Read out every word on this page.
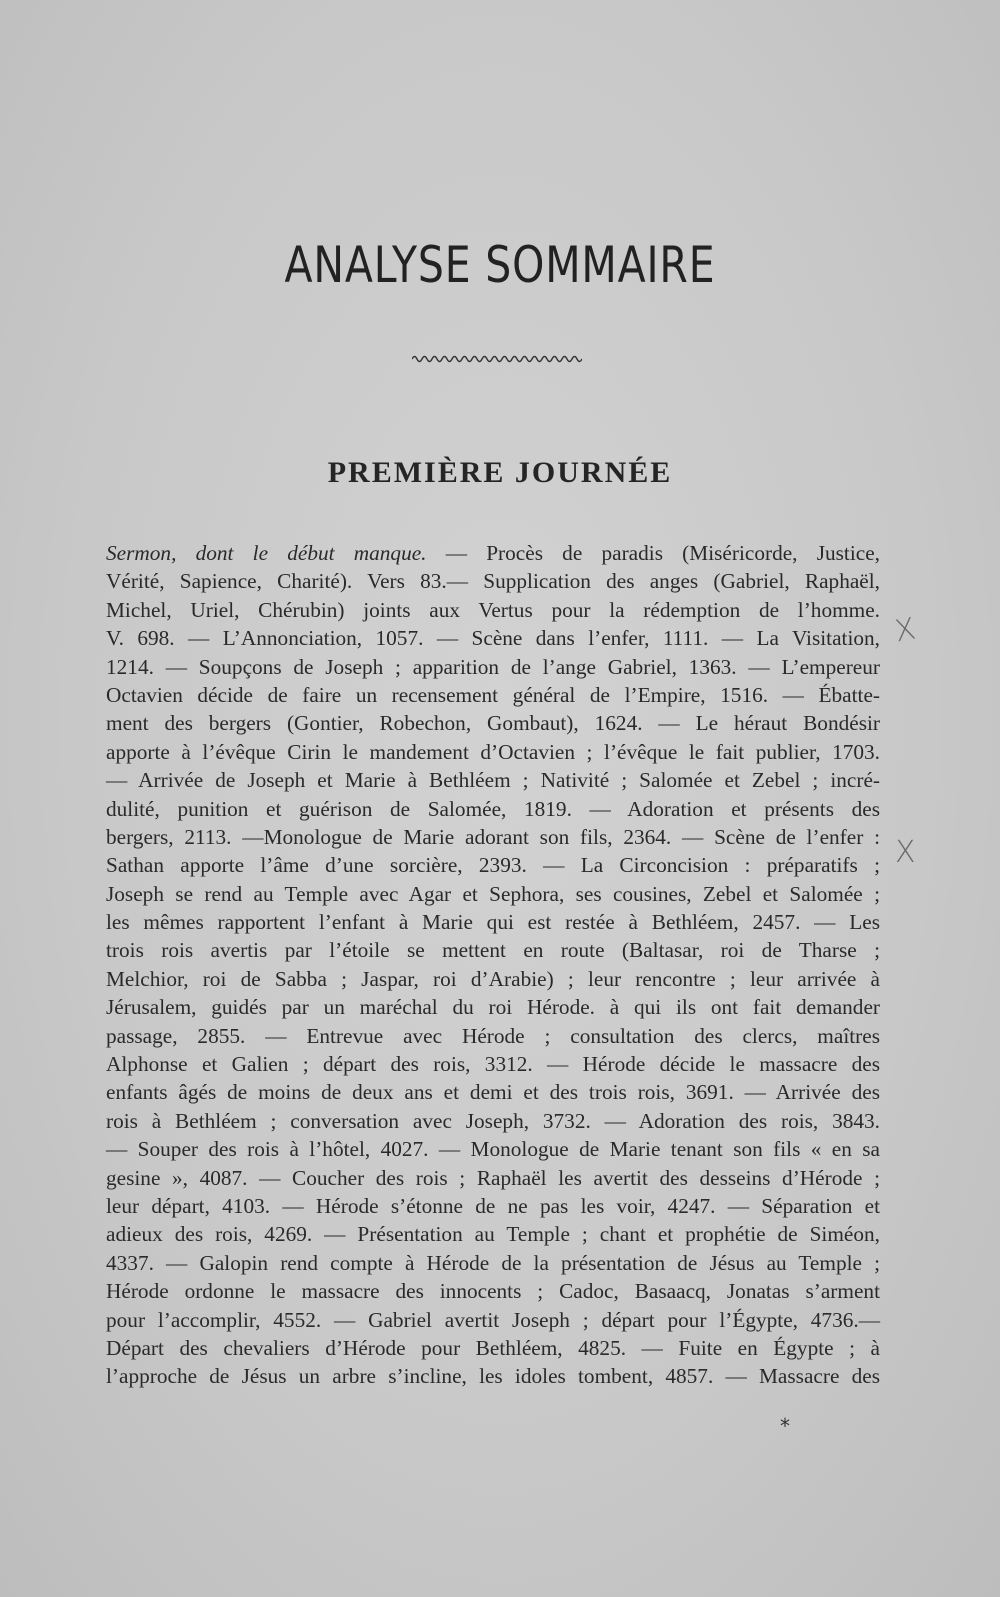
ANALYSE SOMMAIRE
PREMIÈRE JOURNÉE
Sermon, dont le début manque. — Procès de paradis (Miséricorde, Justice,
Vérité, Sapience, Charité). Vers 83.— Supplication des anges (Gabriel, Raphaël,
Michel, Uriel, Chérubin) joints aux Vertus pour la rédemption de l’homme.
V. 698. — L’Annonciation, 1057. — Scène dans l’enfer, 1111. — La Visitation,
1214. — Soupçons de Joseph ; apparition de l’ange Gabriel, 1363. — L’empereur
Octavien décide de faire un recensement général de l’Empire, 1516. — Ébatte-
ment des bergers (Gontier, Robechon, Gombaut), 1624. — Le héraut Bondésir
apporte à l’évêque Cirin le mandement d’Octavien ; l’évêque le fait publier, 1703.
— Arrivée de Joseph et Marie à Bethléem ; Nativité ; Salomée et Zebel ; incré-
dulité, punition et guérison de Salomée, 1819. — Adoration et présents des
bergers, 2113. —Monologue de Marie adorant son fils, 2364. — Scène de l’enfer :
Sathan apporte l’âme d’une sorcière, 2393. — La Circoncision : préparatifs ;
Joseph se rend au Temple avec Agar et Sephora, ses cousines, Zebel et Salomée ;
les mêmes rapportent l’enfant à Marie qui est restée à Bethléem, 2457. — Les
trois rois avertis par l’étoile se mettent en route (Baltasar, roi de Tharse ;
Melchior, roi de Sabba ; Jaspar, roi d’Arabie) ; leur rencontre ; leur arrivée à
Jérusalem, guidés par un maréchal du roi Hérode. à qui ils ont fait demander
passage, 2855. — Entrevue avec Hérode ; consultation des clercs, maîtres
Alphonse et Galien ; départ des rois, 3312. — Hérode décide le massacre des
enfants âgés de moins de deux ans et demi et des trois rois, 3691. — Arrivée des
rois à Bethléem ; conversation avec Joseph, 3732. — Adoration des rois, 3843.
— Souper des rois à l’hôtel, 4027. — Monologue de Marie tenant son fils « en sa
gesine », 4087. — Coucher des rois ; Raphaël les avertit des desseins d’Hérode ;
leur départ, 4103. — Hérode s’étonne de ne pas les voir, 4247. — Séparation et
adieux des rois, 4269. — Présentation au Temple ; chant et prophétie de Siméon,
4337. — Galopin rend compte à Hérode de la présentation de Jésus au Temple ;
Hérode ordonne le massacre des innocents ; Cadoc, Basaacq, Jonatas s’arment
pour l’accomplir, 4552. — Gabriel avertit Joseph ; départ pour l’Égypte, 4736.—
Départ des chevaliers d’Hérode pour Bethléem, 4825. — Fuite en Égypte ; à
l’approche de Jésus un arbre s’incline, les idoles tombent, 4857. — Massacre des
X
X
*
